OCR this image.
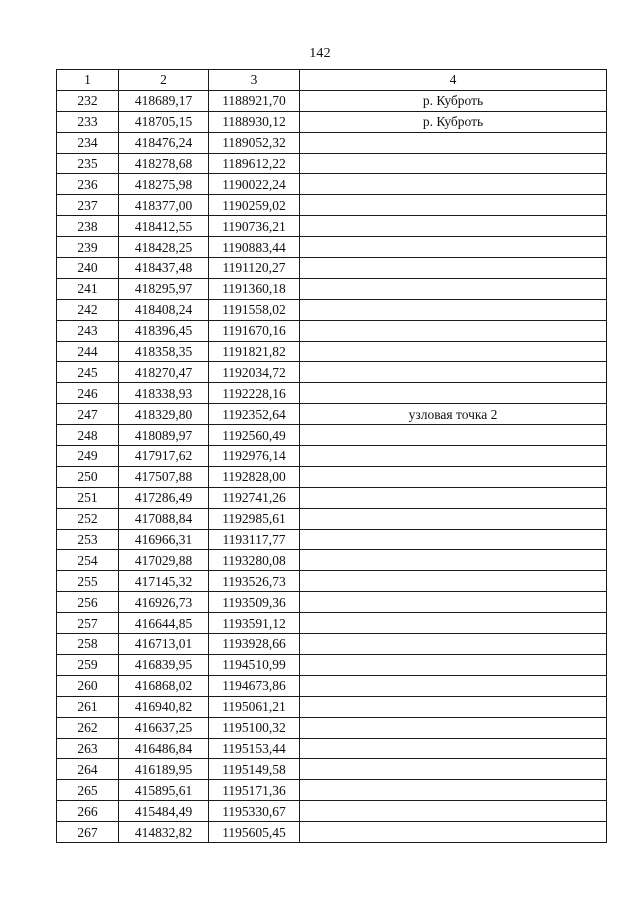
142
1	2	3	4
232	418689,17	1188921,70	р. Куброть
233	418705,15	1188930,12	р. Куброть
234	418476,24	1189052,32	
235	418278,68	1189612,22	
236	418275,98	1190022,24	
237	418377,00	1190259,02	
238	418412,55	1190736,21	
239	418428,25	1190883,44	
240	418437,48	1191120,27	
241	418295,97	1191360,18	
242	418408,24	1191558,02	
243	418396,45	1191670,16	
244	418358,35	1191821,82	
245	418270,47	1192034,72	
246	418338,93	1192228,16	
247	418329,80	1192352,64	узловая точка 2
248	418089,97	1192560,49	
249	417917,62	1192976,14	
250	417507,88	1192828,00	
251	417286,49	1192741,26	
252	417088,84	1192985,61	
253	416966,31	1193117,77	
254	417029,88	1193280,08	
255	417145,32	1193526,73	
256	416926,73	1193509,36	
257	416644,85	1193591,12	
258	416713,01	1193928,66	
259	416839,95	1194510,99	
260	416868,02	1194673,86	
261	416940,82	1195061,21	
262	416637,25	1195100,32	
263	416486,84	1195153,44	
264	416189,95	1195149,58	
265	415895,61	1195171,36	
266	415484,49	1195330,67	
267	414832,82	1195605,45	
